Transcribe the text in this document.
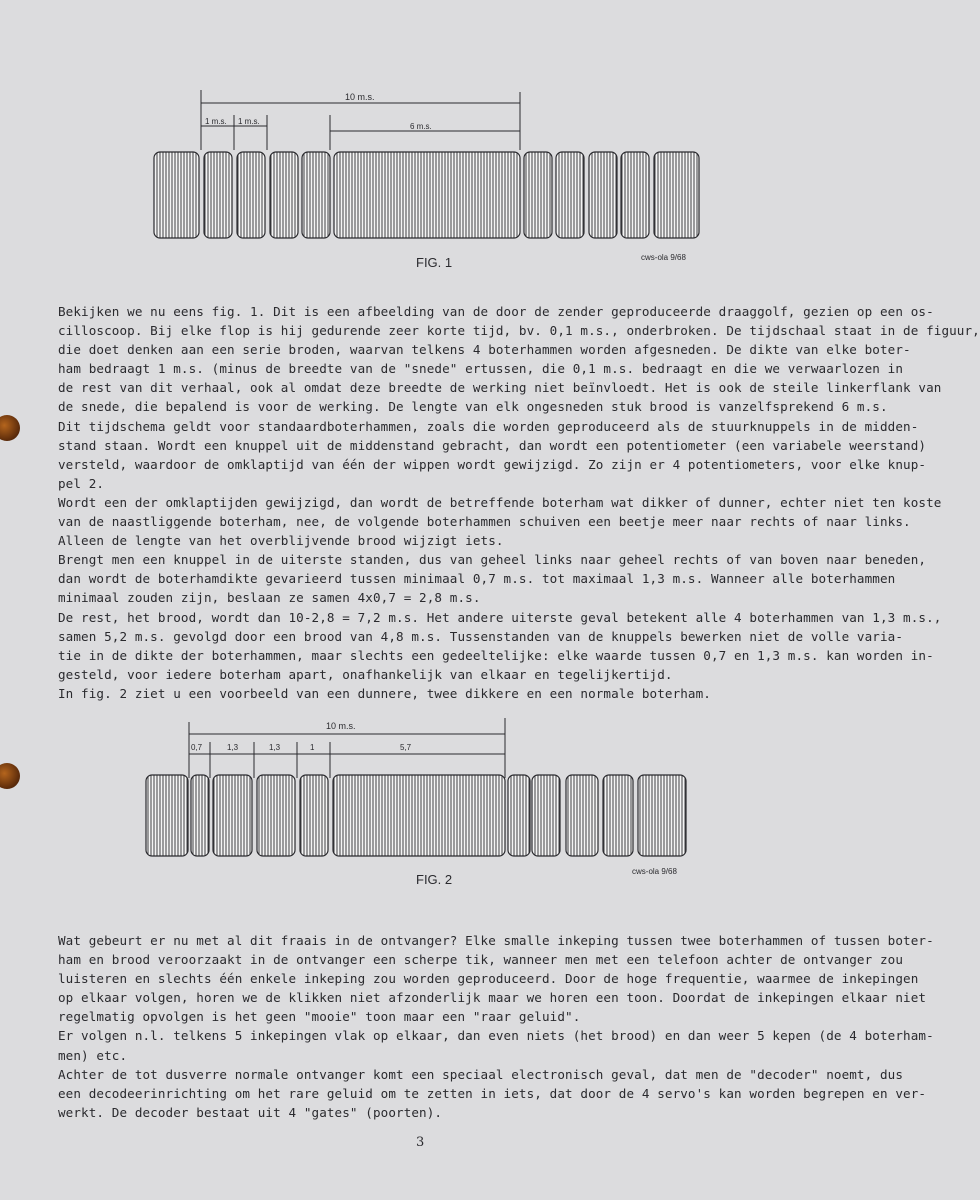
10 m.s.
1 m.s. 1 m.s.
6 m.s.
FIG. 1	cws-ola 9/68
10 m.s.
0,7	1,3	1,3	1	5,7
FIG. 2
cws-ola 9/68
Bekijken we nu eens fig. 1. Dit is een afbeelding van de door de zender geproduceerde draaggolf, gezien op een os-
cilloscoop. Bij elke flop is hij gedurende zeer korte tijd, bv. 0,1 m.s., onderbroken. De tijdschaal staat in de figuur,
die doet denken aan een serie broden, waarvan telkens 4 boterhammen worden afgesneden. De dikte van elke boter-
ham bedraagt 1 m.s. (minus de breedte van de "snede" ertussen, die 0,1 m.s. bedraagt en die we verwaarlozen in
de rest van dit verhaal, ook al omdat deze breedte de werking niet beïnvloedt. Het is ook de steile linkerflank van
de snede, die bepalend is voor de werking. De lengte van elk ongesneden stuk brood is vanzelfsprekend 6 m.s.
Dit tijdschema geldt voor standaardboterhammen, zoals die worden geproduceerd als de stuurknuppels in de midden-
stand staan. Wordt een knuppel uit de middenstand gebracht, dan wordt een potentiometer (een variabele weerstand)
versteld, waardoor de omklaptijd van één der wippen wordt gewijzigd. Zo zijn er 4 potentiometers, voor elke knup-
pel 2.
Wordt een der omklaptijden gewijzigd, dan wordt de betreffende boterham wat dikker of dunner, echter niet ten koste
van de naastliggende boterham, nee, de volgende boterhammen schuiven een beetje meer naar rechts of naar links.
Alleen de lengte van het overblijvende brood wijzigt iets.
Brengt men een knuppel in de uiterste standen, dus van geheel links naar geheel rechts of van boven naar beneden,
dan wordt de boterhamdikte gevarieerd tussen minimaal 0,7 m.s. tot maximaal 1,3 m.s. Wanneer alle boterhammen
minimaal zouden zijn, beslaan ze samen 4x0,7 = 2,8 m.s.
De rest, het brood, wordt dan 10-2,8 = 7,2 m.s. Het andere uiterste geval betekent alle 4 boterhammen van 1,3 m.s.,
samen 5,2 m.s. gevolgd door een brood van 4,8 m.s. Tussenstanden van de knuppels bewerken niet de volle varia-
tie in de dikte der boterhammen, maar slechts een gedeeltelijke: elke waarde tussen 0,7 en 1,3 m.s. kan worden in-
gesteld, voor iedere boterham apart, onafhankelijk van elkaar en tegelijkertijd.
In fig. 2 ziet u een voorbeeld van een dunnere, twee dikkere en een normale boterham.
Wat gebeurt er nu met al dit fraais in de ontvanger? Elke smalle inkeping tussen twee boterhammen of tussen boter-
ham en brood veroorzaakt in de ontvanger een scherpe tik, wanneer men met een telefoon achter de ontvanger zou
luisteren en slechts één enkele inkeping zou worden geproduceerd. Door de hoge frequentie, waarmee de inkepingen
op elkaar volgen, horen we de klikken niet afzonderlijk maar we horen een toon. Doordat de inkepingen elkaar niet
regelmatig opvolgen is het geen "mooie" toon maar een "raar geluid".
Er volgen n.l. telkens 5 inkepingen vlak op elkaar, dan even niets (het brood) en dan weer 5 kepen (de 4 boterham-
men) etc.
Achter de tot dusverre normale ontvanger komt een speciaal electronisch geval, dat men de "decoder" noemt, dus
een decodeerinrichting om het rare geluid om te zetten in iets, dat door de 4 servo's kan worden begrepen en ver-
werkt. De decoder bestaat uit 4 "gates" (poorten).
3
